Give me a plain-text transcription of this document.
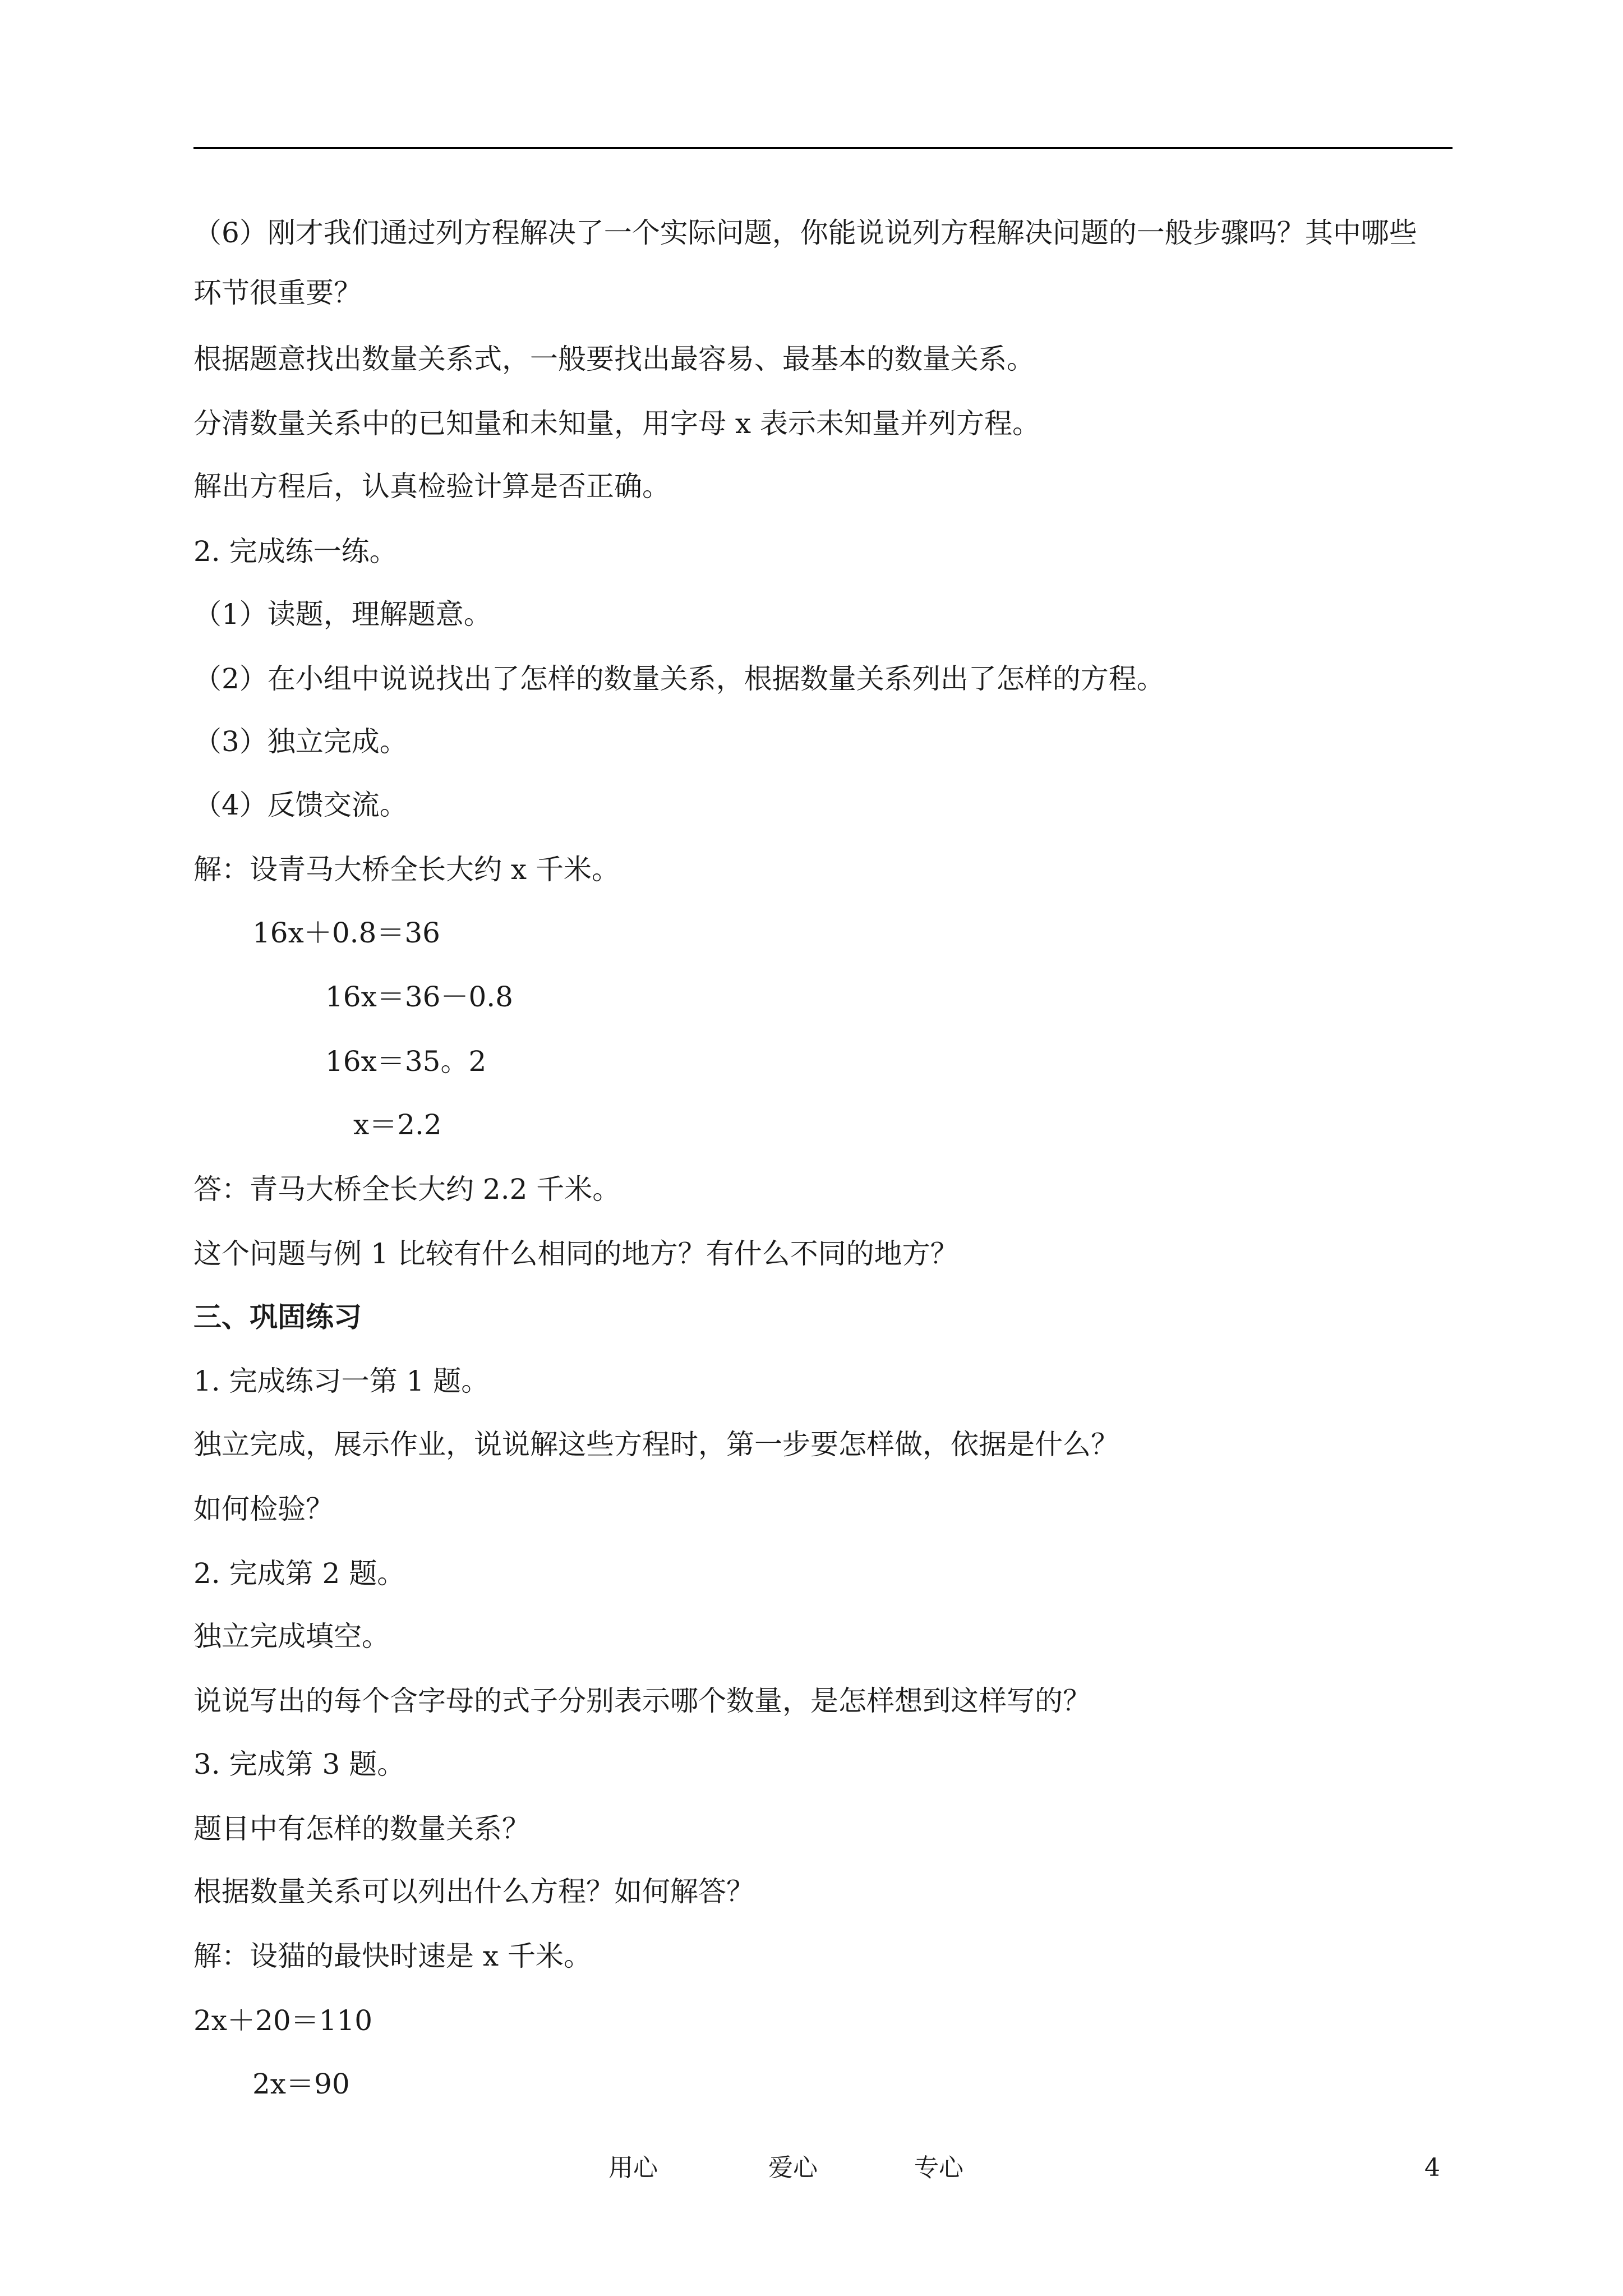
（6）刚才我们通过列方程解决了一个实际问题，你能说说列方程解决问题的一般步骤吗？其中哪些
环节很重要？
根据题意找出数量关系式，一般要找出最容易、最基本的数量关系。
分清数量关系中的已知量和未知量，用字母 x 表示未知量并列方程。
解出方程后，认真检验计算是否正确。
2. 完成练一练。
（1）读题，理解题意。
（2）在小组中说说找出了怎样的数量关系，根据数量关系列出了怎样的方程。
（3）独立完成。
（4）反馈交流。
解：设青马大桥全长大约 x 千米。
16x＋0.8＝36
16x＝36－0.8
16x＝35。2
x＝2.2
答：青马大桥全长大约 2.2 千米。
这个问题与例 1 比较有什么相同的地方？有什么不同的地方？
三、巩固练习
1. 完成练习一第 1 题。
独立完成，展示作业，说说解这些方程时，第一步要怎样做，依据是什么？
如何检验？
2. 完成第 2 题。
独立完成填空。
说说写出的每个含字母的式子分别表示哪个数量，是怎样想到这样写的？
3. 完成第 3 题。
题目中有怎样的数量关系？
根据数量关系可以列出什么方程？如何解答？
解：设猫的最快时速是 x 千米。
2x＋20＝110
2x＝90
用心	爱心	专心	4
